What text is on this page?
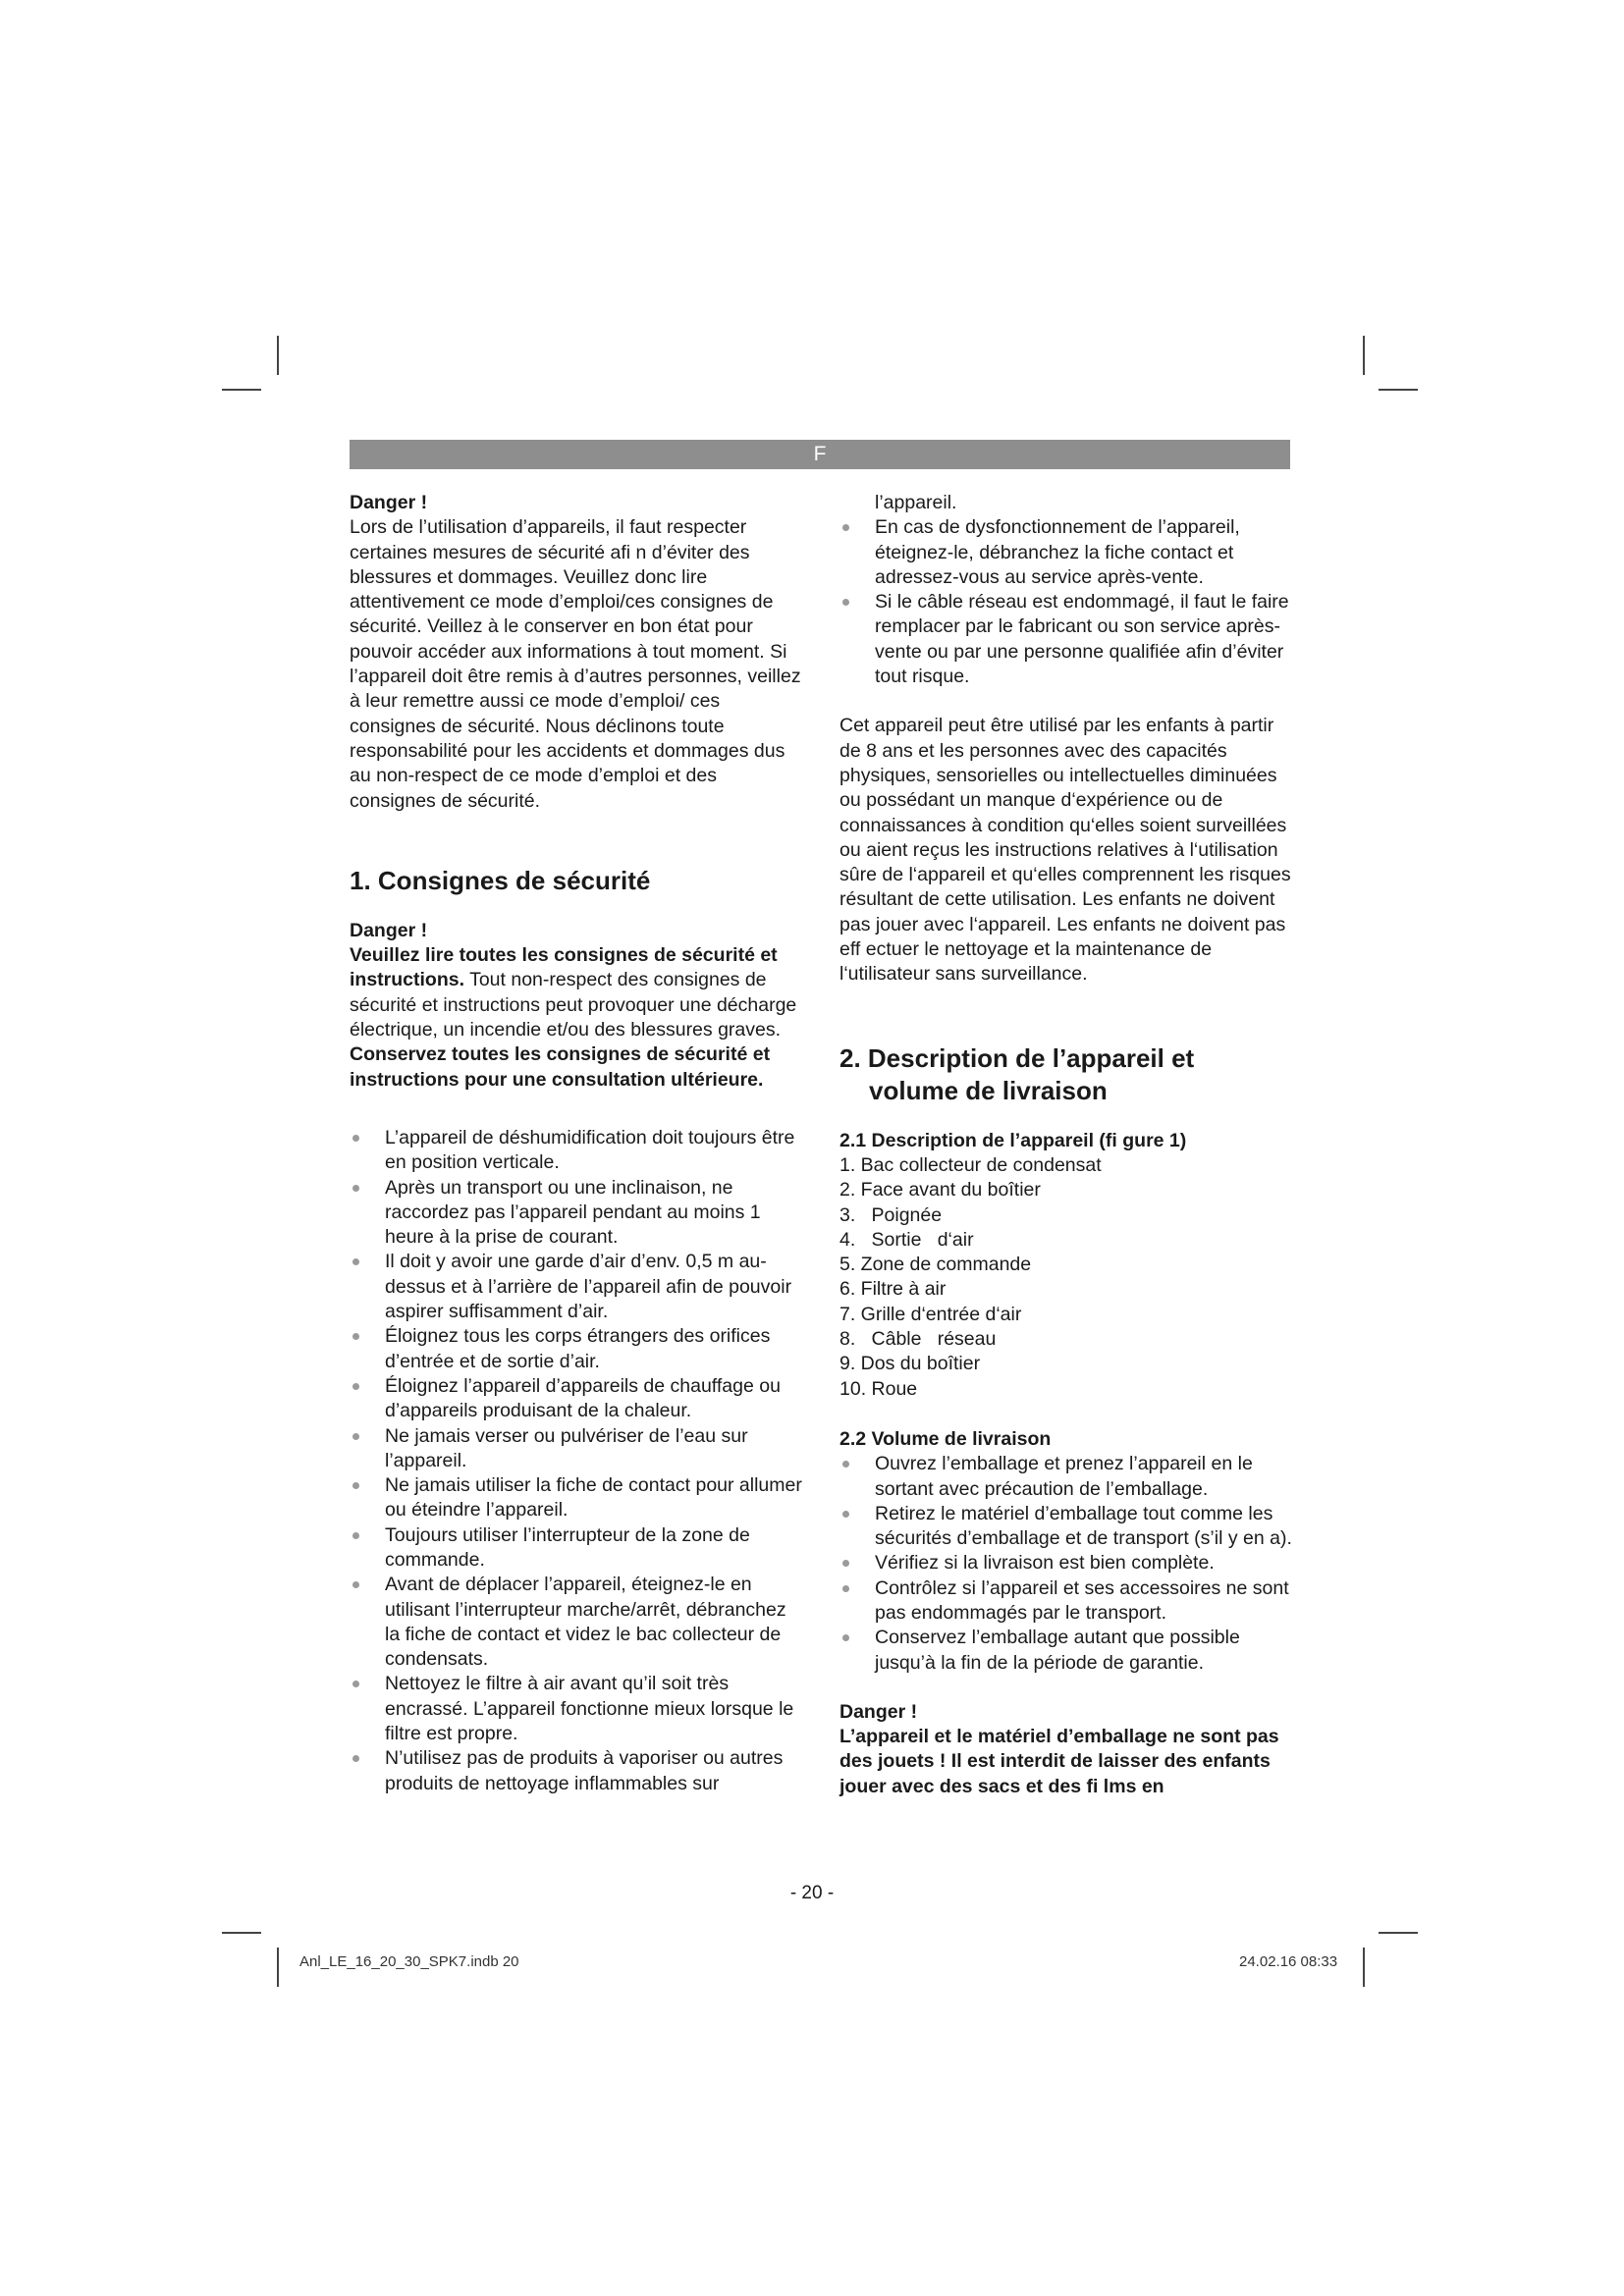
F

Danger !

Lors de l’utilisation d’appareils, il faut respecter certaines mesures de sécurité afi n d’éviter des blessures et dommages. Veuillez donc lire attentivement ce mode d’emploi/ces consignes de sécurité. Veillez à le conserver en bon état pour pouvoir accéder aux informations à tout moment. Si l’appareil doit être remis à d’autres personnes, veillez à leur remettre aussi ce mode d’emploi/ ces consignes de sécurité. Nous déclinons toute responsabilité pour les accidents et dommages dus au non-respect de ce mode d’emploi et des consignes de sécurité.

1. Consignes de sécurité

Danger !

Veuillez lire toutes les consignes de sécurité et instructions. Tout non-respect des consignes de sécurité et instructions peut provoquer une décharge électrique, un incendie et/ou des blessures graves.

Conservez toutes les consignes de sécurité et instructions pour une consultation ultérieure.

L’appareil de déshumidification doit toujours être en position verticale.
Après un transport ou une inclinaison, ne raccordez pas l’appareil pendant au moins 1 heure à la prise de courant.
Il doit y avoir une garde d’air d’env. 0,5 m au-dessus et à l’arrière de l’appareil afin de pouvoir aspirer suffisamment d’air.
Éloignez tous les corps étrangers des orifices d’entrée et de sortie d’air.
Éloignez l’appareil d’appareils de chauffage ou d’appareils produisant de la chaleur.
Ne jamais verser ou pulvériser de l’eau sur l’appareil.
Ne jamais utiliser la fiche de contact pour allumer ou éteindre l’appareil.
Toujours utiliser l’interrupteur de la zone de commande.
Avant de déplacer l’appareil, éteignez-le en utilisant l’interrupteur marche/arrêt, débranchez la fiche de contact et videz le bac collecteur de condensats.
Nettoyez le filtre à air avant qu’il soit très encrassé. L’appareil fonctionne mieux lorsque le filtre est propre.
N’utilisez pas de produits à vaporiser ou autres produits de nettoyage inflammables sur

l’appareil.

En cas de dysfonctionnement de l’appareil, éteignez-le, débranchez la fiche contact et adressez-vous au service après-vente.
Si le câble réseau est endommagé, il faut le faire remplacer par le fabricant ou son service après-vente ou par une personne qualifiée afin d’éviter tout risque.

Cet appareil peut être utilisé par les enfants à partir de 8 ans et les personnes avec des capacités physiques, sensorielles ou intellectuelles diminuées ou possédant un manque d‘expérience ou de connaissances à condition qu‘elles soient surveillées ou aient reçus les instructions relatives à l‘utilisation sûre de l‘appareil et qu‘elles comprennent les risques résultant de cette utilisation. Les enfants ne doivent pas jouer avec l‘appareil. Les enfants ne doivent pas eff ectuer le nettoyage et la maintenance de l‘utilisateur sans surveillance.

2. Description de l’appareil et
volume de livraison
2.1 Description de l’appareil (fi gure 1)
1. Bac collecteur de condensat
2. Face avant du boîtier
3.   Poignée
4.   Sortie   d‘air
5. Zone de commande
6. Filtre à air
7. Grille d‘entrée d‘air
8.   Câble   réseau
9. Dos du boîtier
10. Roue
2.2 Volume de livraison
Ouvrez l’emballage et prenez l’appareil en le sortant avec précaution de l’emballage.
Retirez le matériel d’emballage tout comme les sécurités d’emballage et de transport (s’il y en a).
Vérifiez si la livraison est bien complète.
Contrôlez si l’appareil et ses accessoires ne sont pas endommagés par le transport.
Conservez l’emballage autant que possible jusqu’à la fin de la période de garantie.

Danger !

L’appareil et le matériel d’emballage ne sont pas des jouets ! Il est interdit de laisser des enfants jouer avec des sacs et des fi lms en

- 20 -
Anl_LE_16_20_30_SPK7.indb 20	24.02.16 08:33
